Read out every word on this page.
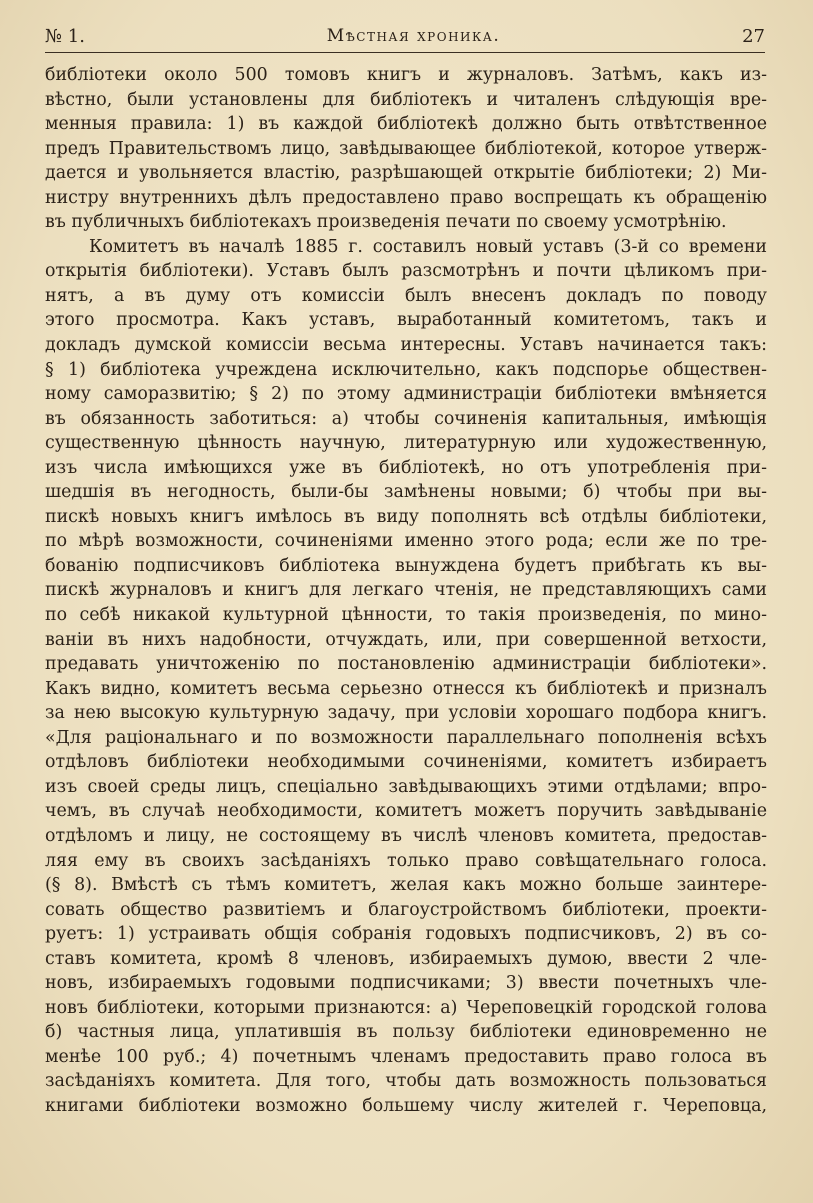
№ 1.	Мѣстная хроника.	27
библіотеки около 500 томовъ книгъ и журналовъ. Затѣмъ, какъ из-
вѣстно, были установлены для библіотекъ и читаленъ слѣдующія вре-
менныя правила: 1) въ каждой библіотекѣ должно быть отвѣтственное
предъ Правительствомъ лицо, завѣдывающее библіотекой, которое утверж-
дается и увольняется властію, разрѣшающей открытіе библіотеки; 2) Ми-
нистру внутреннихъ дѣлъ предоставлено право воспрещать къ обращенію
въ публичныхъ библіотекахъ произведенія печати по своему усмотрѣнію.
Комитетъ въ началѣ 1885 г. составилъ новый уставъ (3-й со времени
открытія библіотеки). Уставъ былъ разсмотрѣнъ и почти цѣликомъ при-
нятъ, а въ думу отъ комиссіи былъ внесенъ докладъ по поводу
этого просмотра. Какъ уставъ, выработанный комитетомъ, такъ и
докладъ думской комиссіи весьма интересны. Уставъ начинается такъ:
§ 1) библіотека учреждена исключительно, какъ подспорье обществен-
ному саморазвитію; § 2) по этому администраціи библіотеки вмѣняется
въ обязанность заботиться: а) чтобы сочиненія капитальныя, имѣющія
существенную цѣнность научную, литературную или художественную,
изъ числа имѣющихся уже въ библіотекѣ, но отъ употребленія при-
шедшія въ негодность, были-бы замѣнены новыми; б) чтобы при вы-
пискѣ новыхъ книгъ имѣлось въ виду пополнять всѣ отдѣлы библіотеки,
по мѣрѣ возможности, сочиненіями именно этого рода; если же по тре-
бованію подписчиковъ библіотека вынуждена будетъ прибѣгать къ вы-
пискѣ журналовъ и книгъ для легкаго чтенія, не представляющихъ сами
по себѣ никакой культурной цѣнности, то такія произведенія, по мино-
ваніи въ нихъ надобности, отчуждать, или, при совершенной ветхости,
предавать уничтоженію по постановленію администраціи библіотеки».
Какъ видно, комитетъ весьма серьезно отнесся къ библіотекѣ и призналъ
за нею высокую культурную задачу, при условіи хорошаго подбора книгъ.
«Для раціональнаго и по возможности параллельнаго пополненія всѣхъ
отдѣловъ библіотеки необходимыми сочиненіями, комитетъ избираетъ
изъ своей среды лицъ, спеціально завѣдывающихъ этими отдѣлами; впро-
чемъ, въ случаѣ необходимости, комитетъ можетъ поручить завѣдываніе
отдѣломъ и лицу, не состоящему въ числѣ членовъ комитета, предостав-
ляя ему въ своихъ засѣданіяхъ только право совѣщательнаго голоса.
(§ 8). Вмѣстѣ съ тѣмъ комитетъ, желая какъ можно больше заинтере-
совать общество развитіемъ и благоустройствомъ библіотеки, проекти-
руетъ: 1) устраивать общія собранія годовыхъ подписчиковъ, 2) въ со-
ставъ комитета, кромѣ 8 членовъ, избираемыхъ думою, ввести 2 чле-
новъ, избираемыхъ годовыми подписчиками; 3) ввести почетныхъ чле-
новъ библіотеки, которыми признаются: а) Череповецкій городской голова
б) частныя лица, уплатившія въ пользу библіотеки единовременно не
менѣе 100 руб.; 4) почетнымъ членамъ предоставить право голоса въ
засѣданіяхъ комитета. Для того, чтобы дать возможность пользоваться
книгами библіотеки возможно большему числу жителей г. Череповца,
